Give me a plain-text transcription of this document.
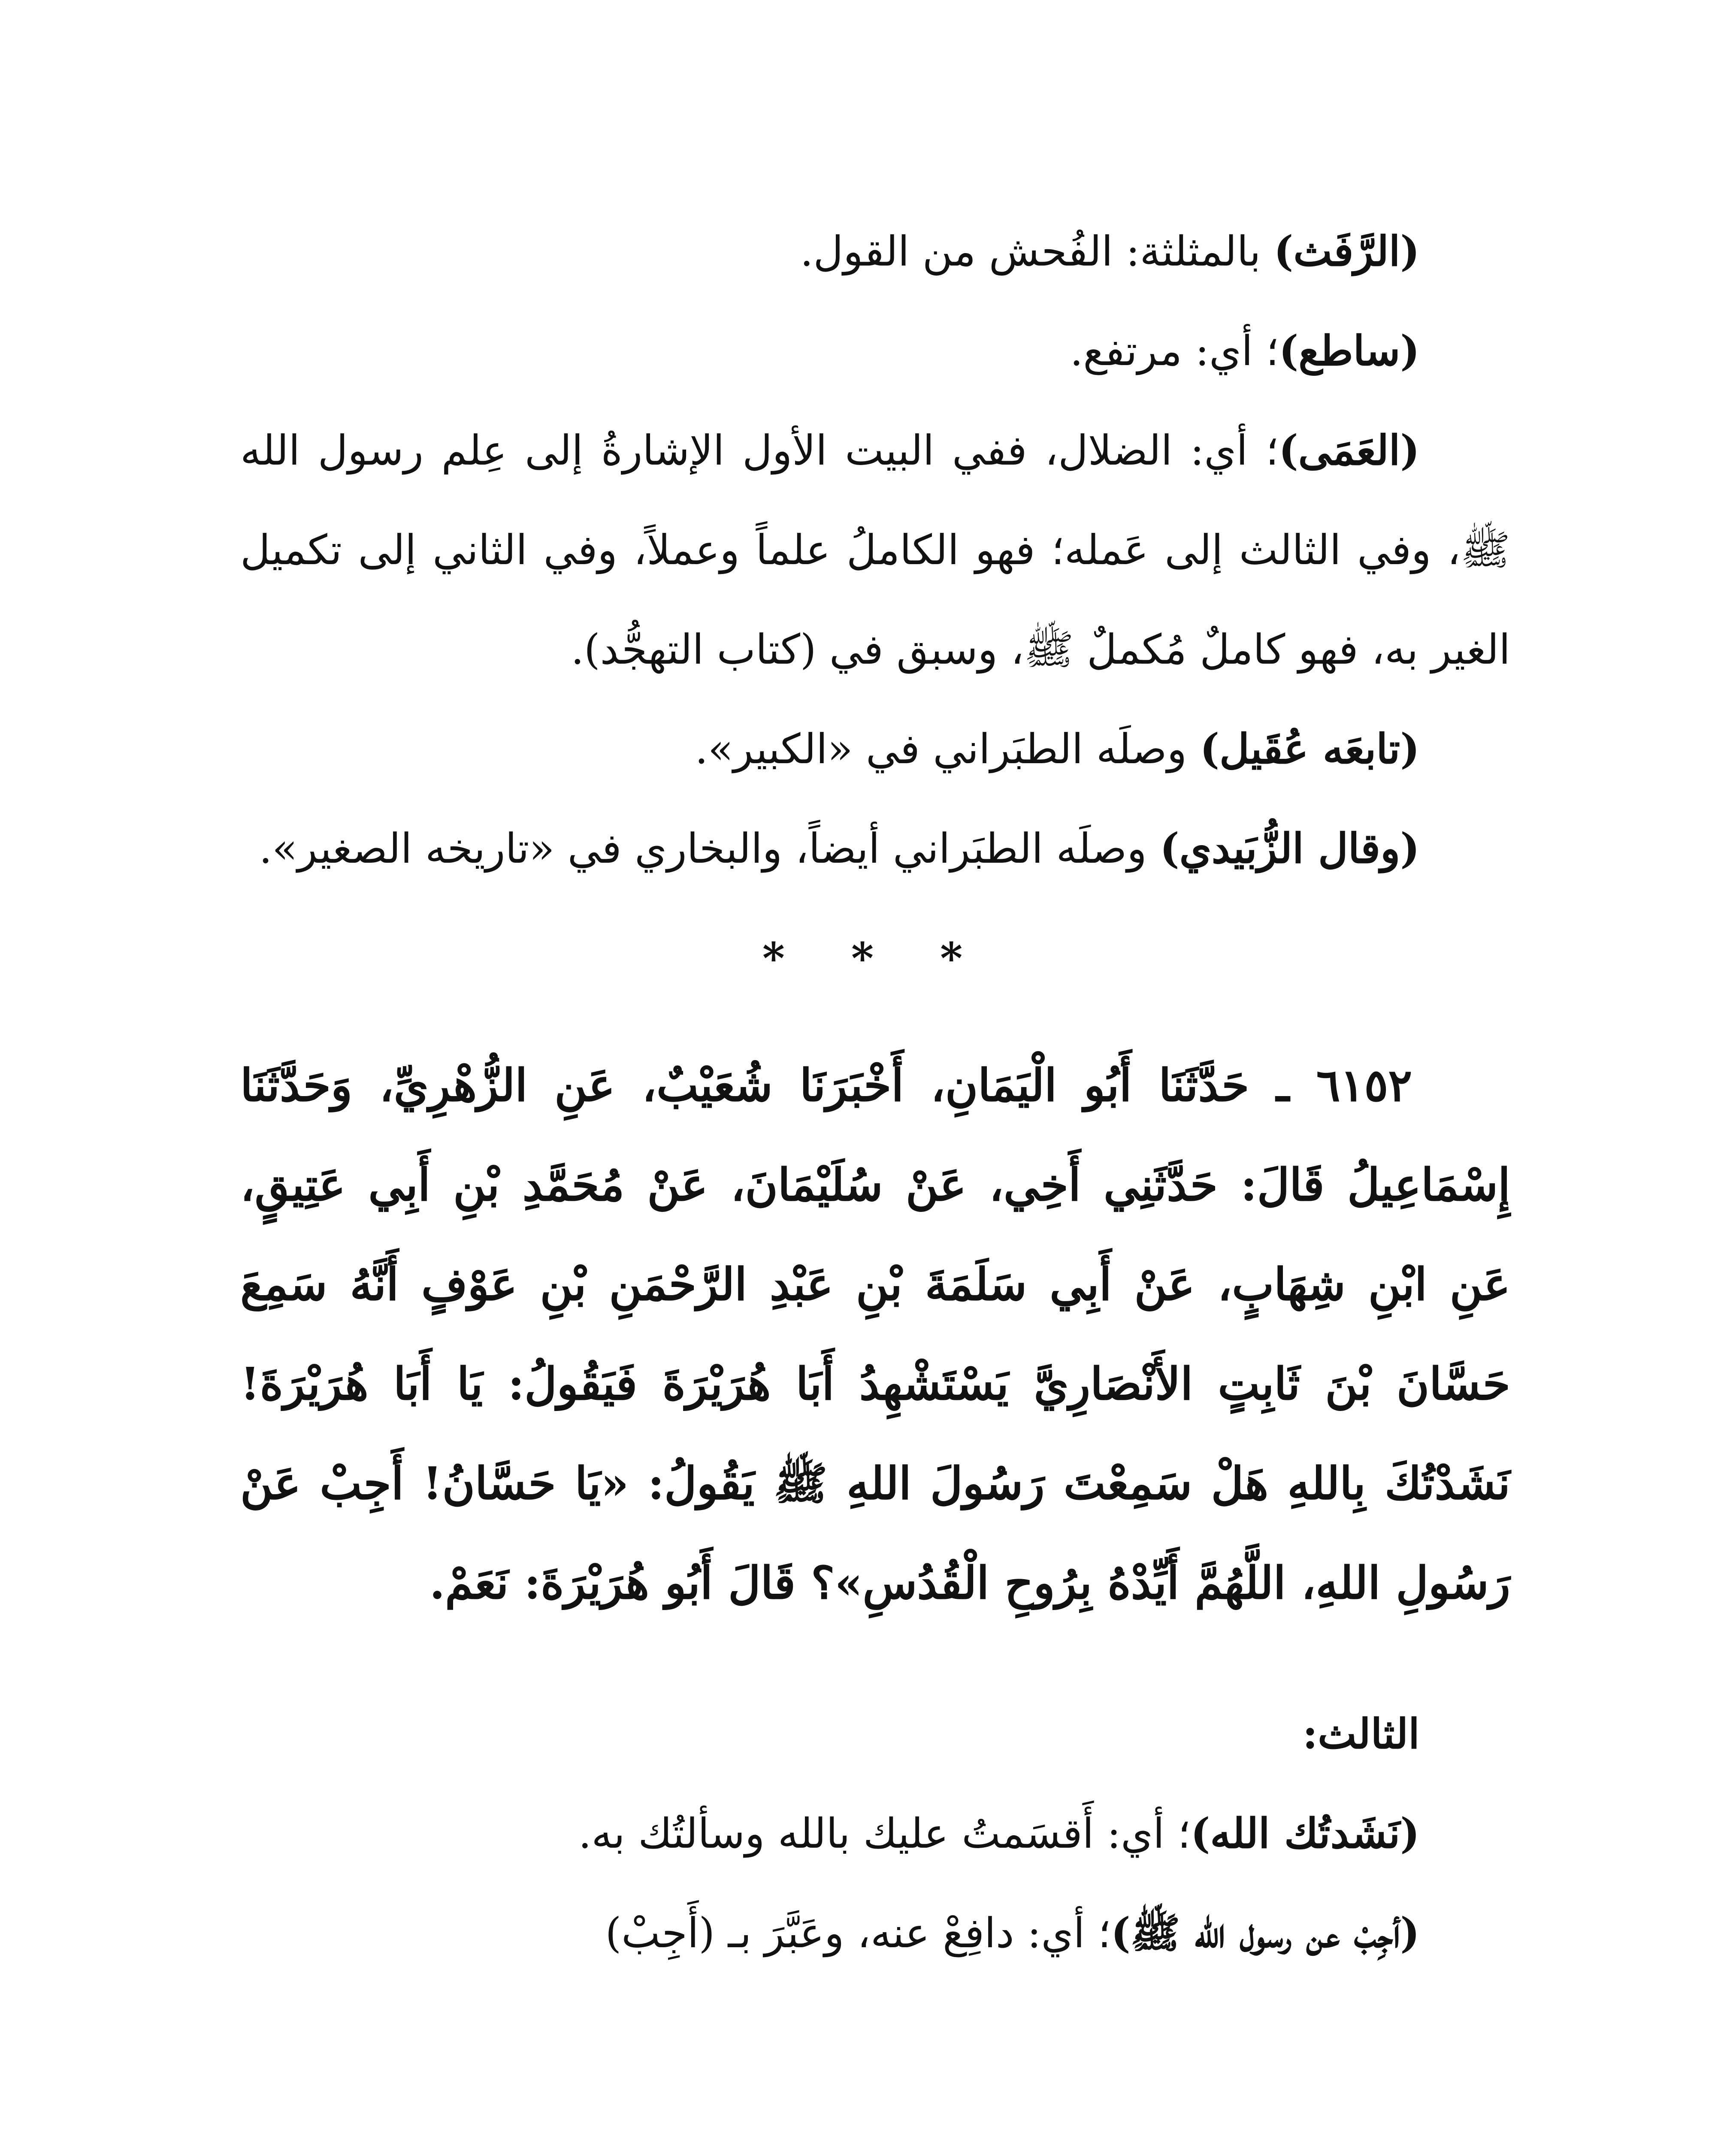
(الرَّفَث) بالمثلثة: الفُحش من القول.

(ساطع)؛ أي: مرتفع.

(العَمَى)؛ أي: الضلال، ففي البيت الأول الإشارةُ إلى عِلم رسول الله ﷺ، وفي الثالث إلى عَمله؛ فهو الكاملُ علماً وعملاً، وفي الثاني إلى تكميل الغير به، فهو كاملٌ مُكملٌ ﷺ، وسبق في (كتاب التهجُّد).

(تابعَه عُقَيل) وصلَه الطبَراني في «الكبير».

(وقال الزُّبَيدي) وصلَه الطبَراني أيضاً، والبخاري في «تاريخه الصغير».

* * *

٦١٥٢ ـ حَدَّثَنَا أَبُو الْيَمَانِ، أَخْبَرَنَا شُعَيْبٌ، عَنِ الزُّهْرِيِّ، وَحَدَّثَنَا إِسْمَاعِيلُ قَالَ: حَدَّثَنِي أَخِي، عَنْ سُلَيْمَانَ، عَنْ مُحَمَّدِ بْنِ أَبِي عَتِيقٍ، عَنِ ابْنِ شِهَابٍ، عَنْ أَبِي سَلَمَةَ بْنِ عَبْدِ الرَّحْمَنِ بْنِ عَوْفٍ أَنَّهُ سَمِعَ حَسَّانَ بْنَ ثَابِتٍ الأَنْصَارِيَّ يَسْتَشْهِدُ أَبَا هُرَيْرَةَ فَيَقُولُ: يَا أَبَا هُرَيْرَةَ! نَشَدْتُكَ بِاللهِ هَلْ سَمِعْتَ رَسُولَ اللهِ ﷺ يَقُولُ: «يَا حَسَّانُ! أَجِبْ عَنْ رَسُولِ اللهِ، اللَّهُمَّ أَيِّدْهُ بِرُوحِ الْقُدُسِ»؟ قَالَ أَبُو هُرَيْرَةَ: نَعَمْ.

الثالث:

(نَشَدتُك الله)؛ أي: أَقسَمتُ عليك بالله وسألتُك به.

(أجِبْ عن رسول الله ﷺ)؛ أي: دافِعْ عنه، وعَبَّرَ بـ (أَجِبْ)
